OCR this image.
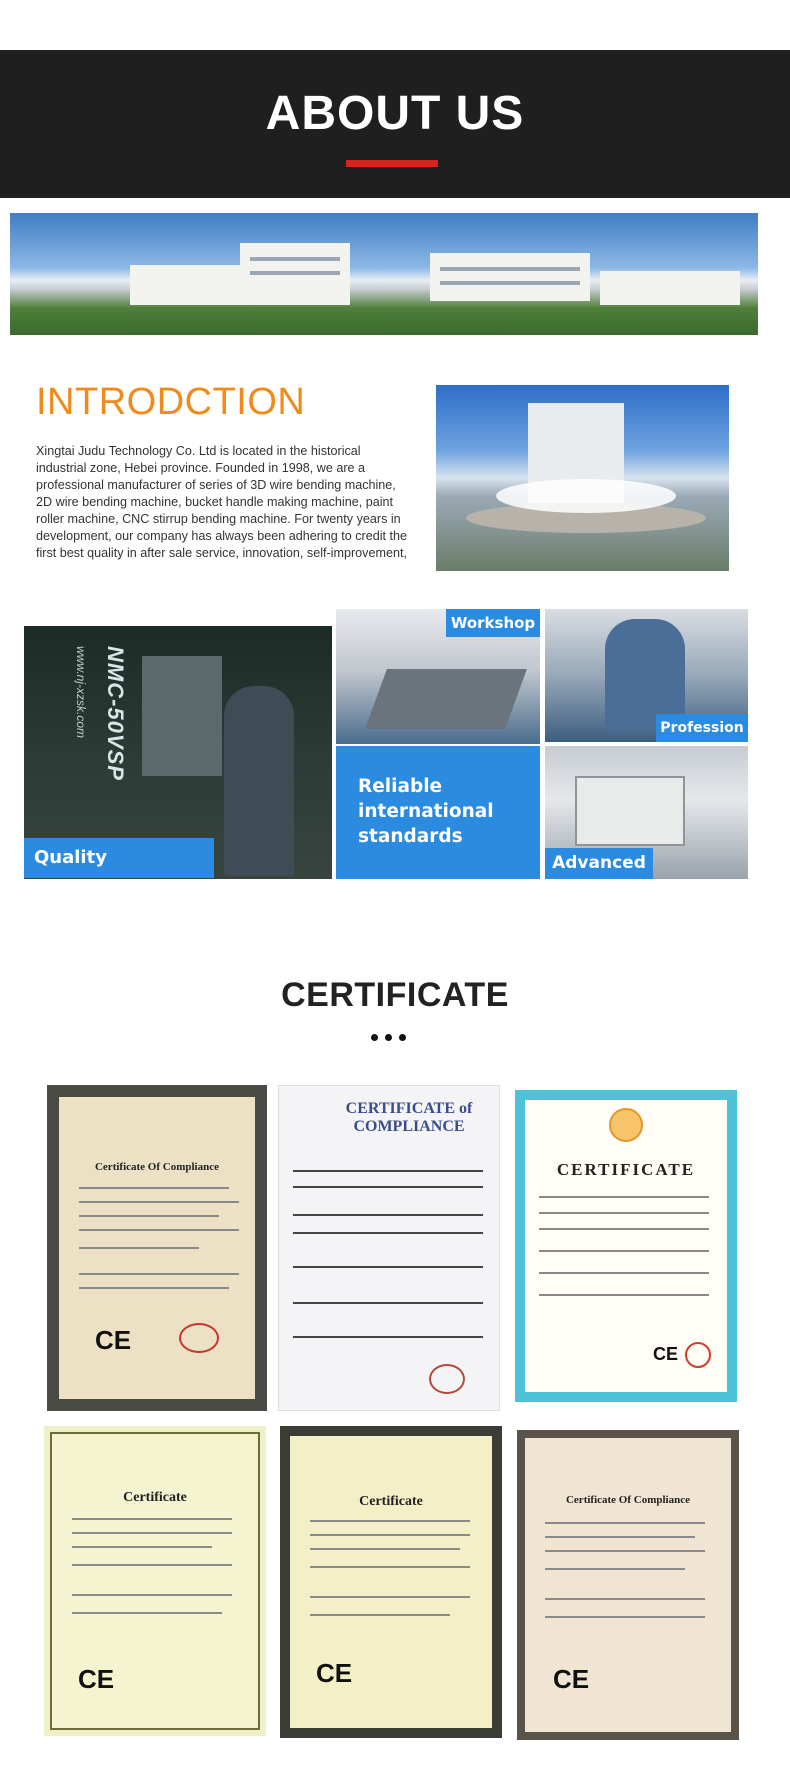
ABOUT US
INTRODCTION
Xingtai Judu Technology Co. Ltd is located in the historical industrial zone, Hebei province. Founded in 1998, we are a professional manufacturer of series of 3D wire bending machine, 2D wire bending machine, bucket handle making machine, paint roller machine, CNC stirrup bending machine. For twenty years in development, our company has always been adhering to credit the first best quality in after sale service, innovation, self-improvement,
www.nj-xzsk.com NMC-50VSP
Quality Assurance
Workshop
Reliable international standards
Profession
Advanced
CERTIFICATE
Certificate Of Compliance
CE
CERTIFICATE of COMPLIANCE
CERTIFICATE
CE
Certificate
CE
Certificate
CE
Certificate Of Compliance
CE
